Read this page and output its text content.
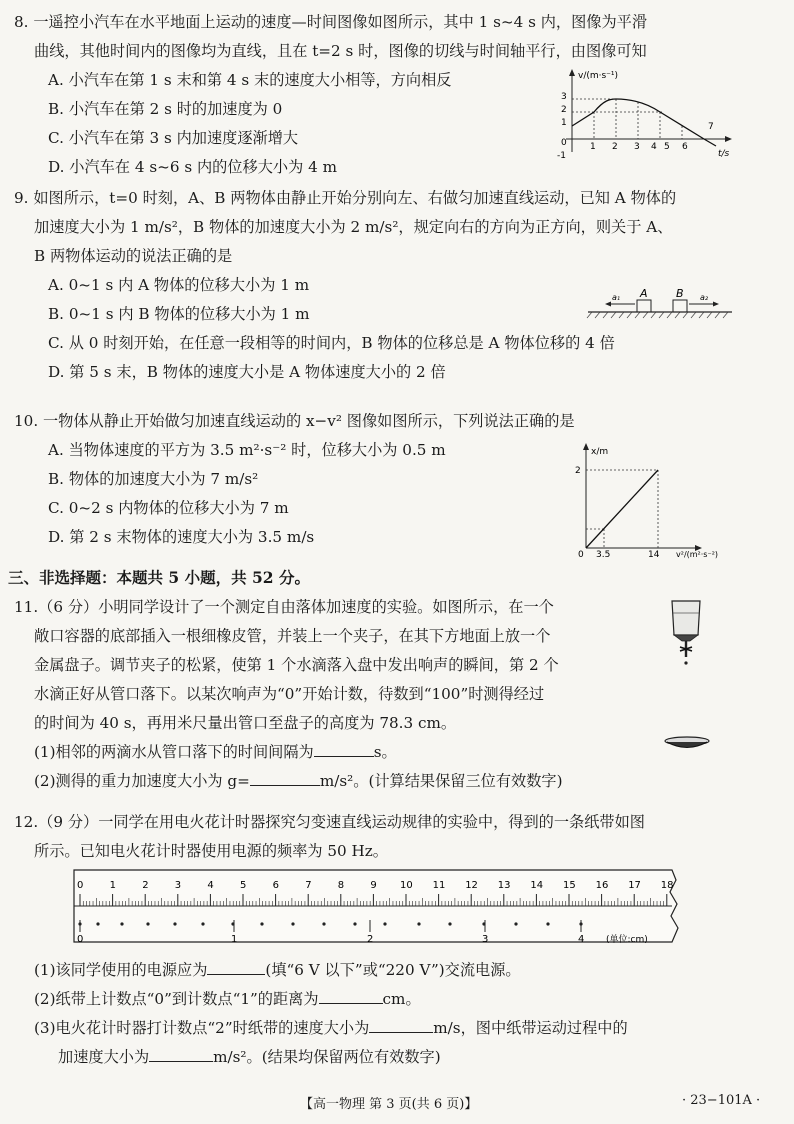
8. 一遥控小汽车在水平地面上运动的速度—时间图像如图所示，其中 1 s~4 s 内，图像为平滑
曲线，其他时间内的图像均为直线，且在 t=2 s 时，图像的切线与时间轴平行，由图像可知
A. 小汽车在第 1 s 末和第 4 s 末的速度大小相等，方向相反
B. 小汽车在第 2 s 时的加速度为 0
C. 小汽车在第 3 s 内加速度逐渐增大
D. 小汽车在 4 s~6 s 内的位移大小为 4 m
v/(m·s⁻¹)
t/s
3
2
1
0
-1
1 2 3 4 5 6
7
9. 如图所示，t=0 时刻，A、B 两物体由静止开始分别向左、右做匀加速直线运动，已知 A 物体的
加速度大小为 1 m/s²，B 物体的加速度大小为 2 m/s²，规定向右的方向为正方向，则关于 A、
B 两物体运动的说法正确的是
A. 0~1 s 内 A 物体的位移大小为 1 m
B. 0~1 s 内 B 物体的位移大小为 1 m
C. 从 0 时刻开始，在任意一段相等的时间内，B 物体的位移总是 A 物体位移的 4 倍
D. 第 5 s 末，B 物体的速度大小是 A 物体速度大小的 2 倍
A	B
a₁	a₂
10. 一物体从静止开始做匀加速直线运动的 x−v² 图像如图所示，下列说法正确的是
A. 当物体速度的平方为 3.5 m²·s⁻² 时，位移大小为 0.5 m
B. 物体的加速度大小为 7 m/s²
C. 0~2 s 内物体的位移大小为 7 m
D. 第 2 s 末物体的速度大小为 3.5 m/s
x/m
2
0 3.5	14 v²/(m²·s⁻²)
三、非选择题：本题共 5 小题，共 52 分。
11.（6 分）小明同学设计了一个测定自由落体加速度的实验。如图所示，在一个
敞口容器的底部插入一根细橡皮管，并装上一个夹子，在其下方地面上放一个
金属盘子。调节夹子的松紧，使第 1 个水滴落入盘中发出响声的瞬间，第 2 个
水滴正好从管口落下。以某次响声为“0”开始计数，待数到“100”时测得经过
的时间为 40 s，再用米尺量出管口至盘子的高度为 78.3 cm。
(1)相邻的两滴水从管口落下的时间间隔为	s。
(2)测得的重力加速度大小为 g=	m/s²。(计算结果保留三位有效数字)
12.（9 分）一同学在用电火花计时器探究匀变速直线运动规律的实验中，得到的一条纸带如图
所示。已知电火花计时器使用电源的频率为 50 Hz。
0	1	2	3	4	5	6	7	8	9 10 11 12 13 14 15 16 17 18
0	1	2	3	4 (单位:cm)
(1)该同学使用的电源应为	(填“6 V 以下”或“220 V”)交流电源。
(2)纸带上计数点“0”到计数点“1”的距离为	cm。
(3)电火花计时器打计数点“2”时纸带的速度大小为	m/s，图中纸带运动过程中的
加速度大小为	m/s²。(结果均保留两位有效数字)
【高一物理 第 3 页(共 6 页)】	· 23−101A ·
